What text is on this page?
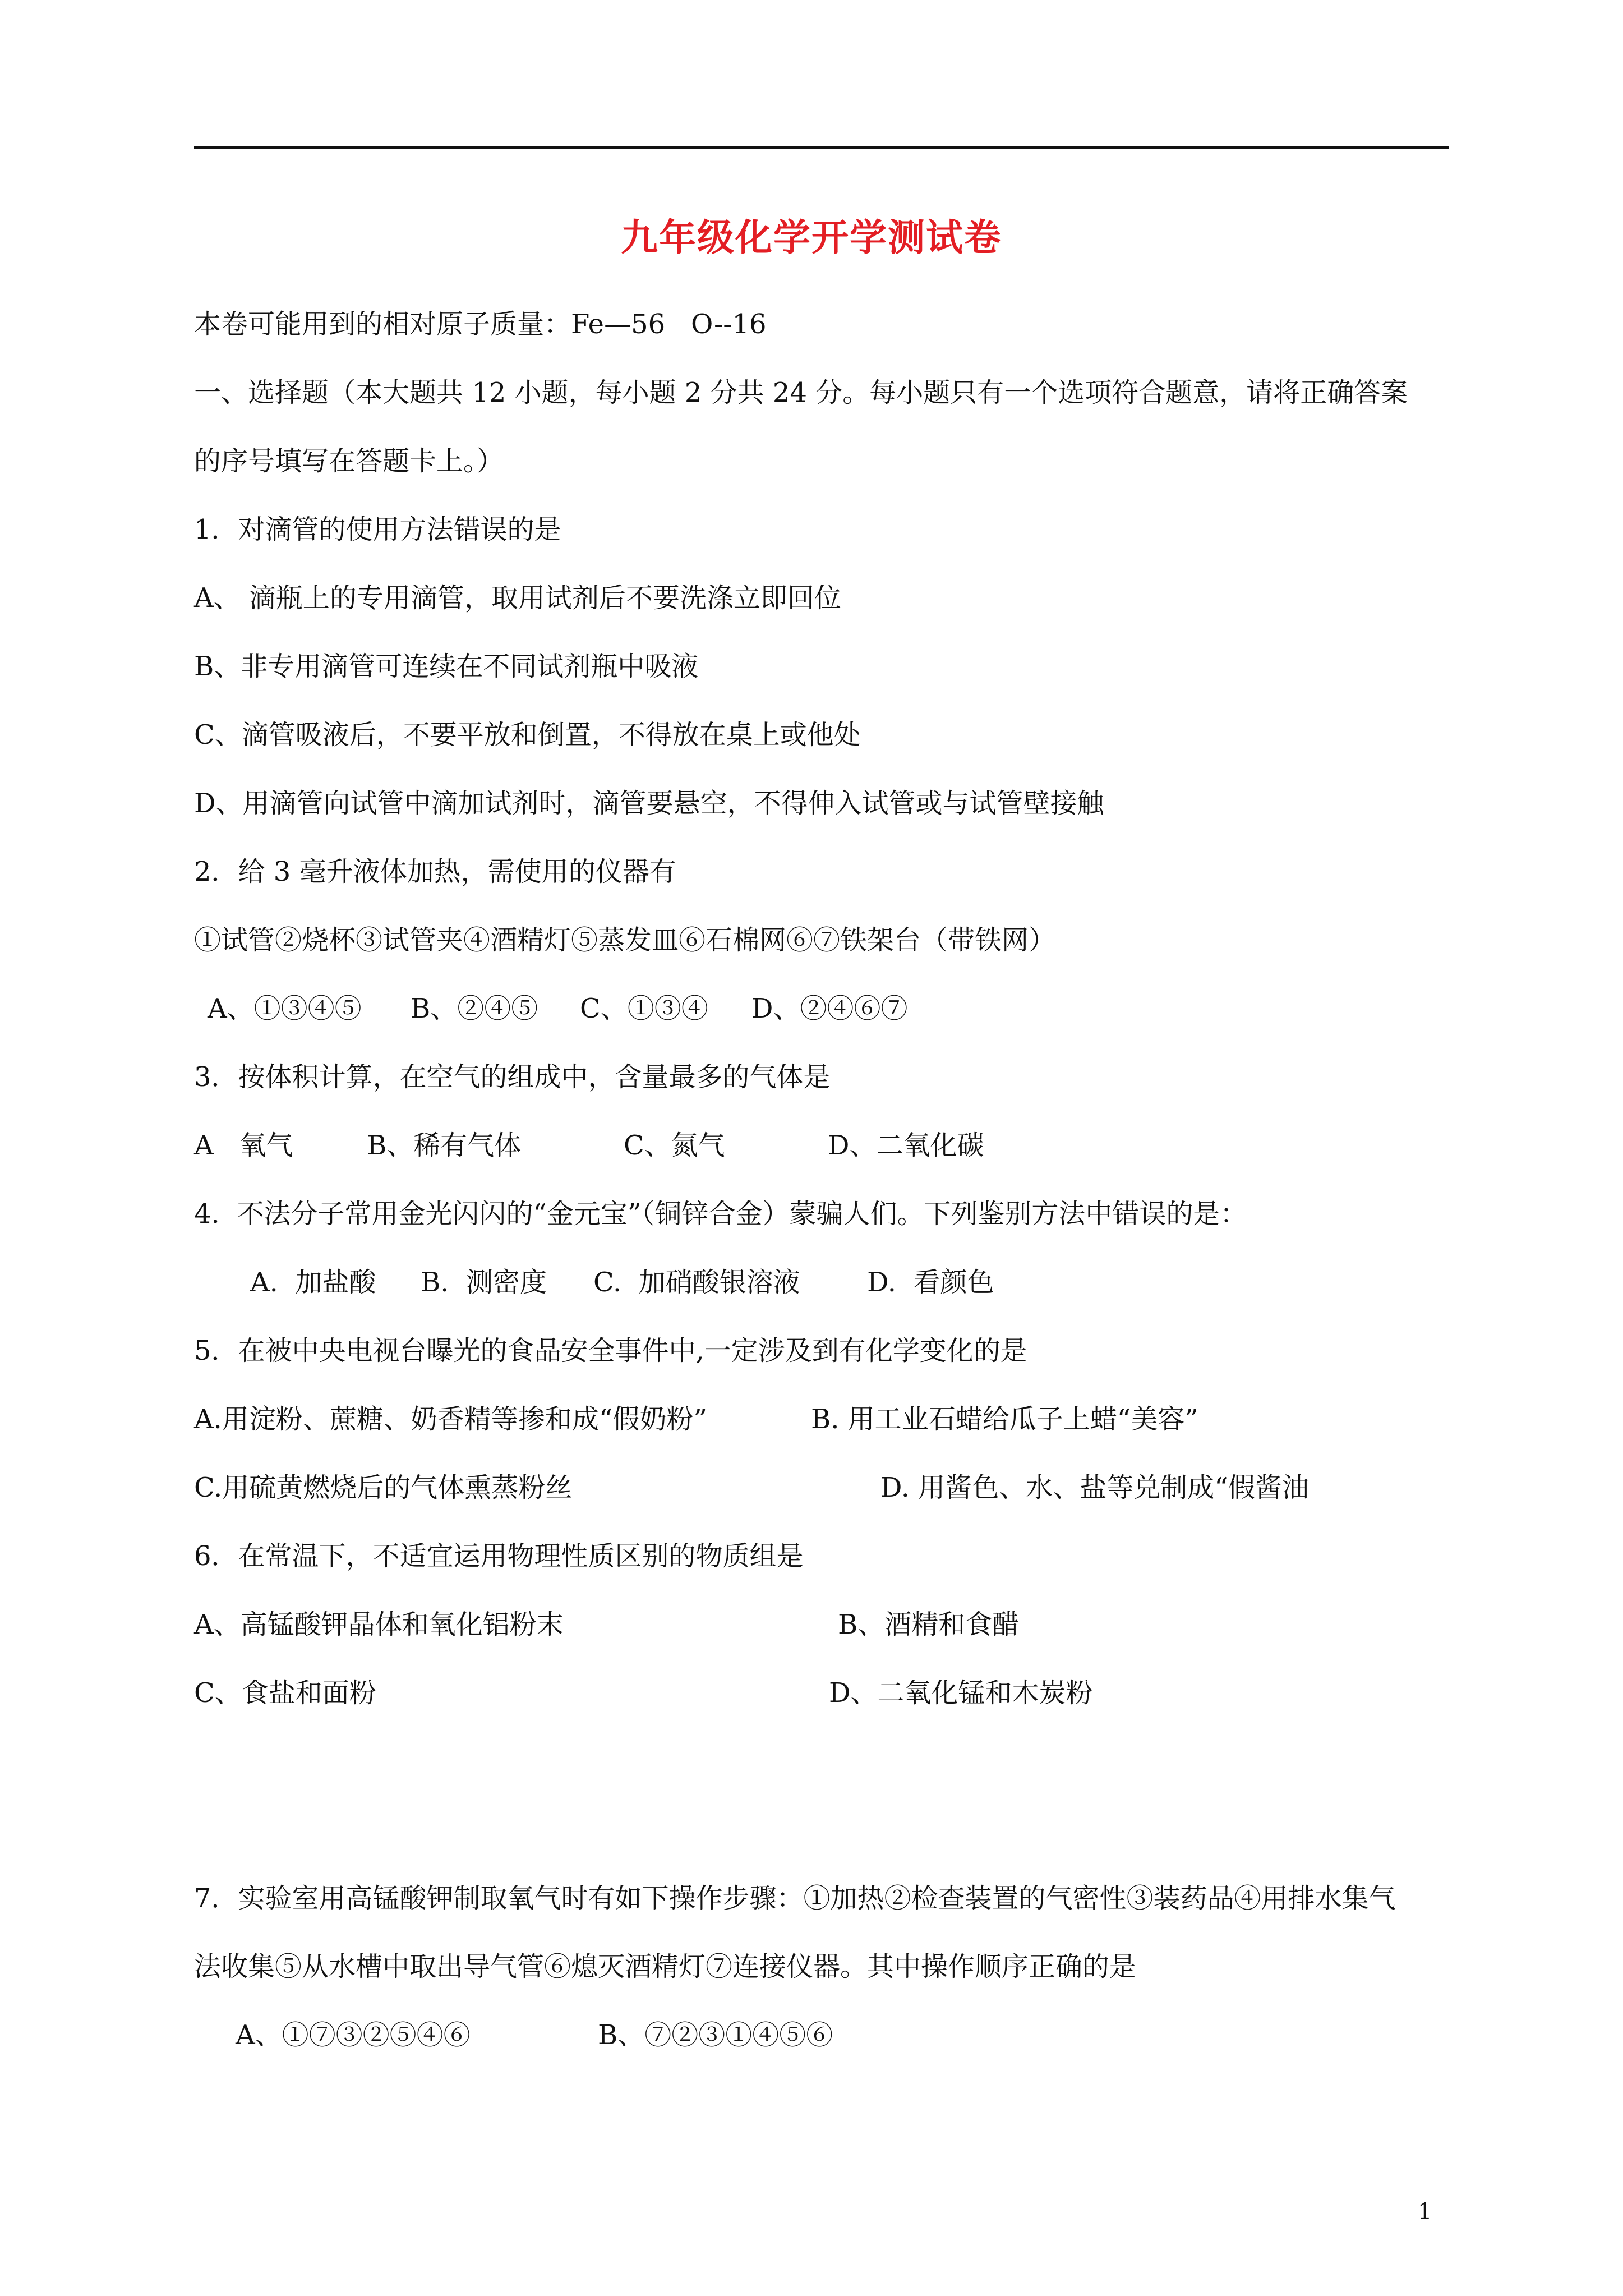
九年级化学开学测试卷
本卷可能用到的相对原子质量：Fe—56   O--16
一、选择题（本大题共 12 小题，每小题 2 分共 24 分。每小题只有一个选项符合题意，请将正确答案
的序号填写在答题卡上。）
1．对滴管的使用方法错误的是
A、 滴瓶上的专用滴管，取用试剂后不要洗涤立即回位
B、非专用滴管可连续在不同试剂瓶中吸液
C、滴管吸液后，不要平放和倒置，不得放在桌上或他处
D、用滴管向试管中滴加试剂时，滴管要悬空，不得伸入试管或与试管壁接触
2．给 3 毫升液体加热，需使用的仪器有
①试管②烧杯③试管夹④酒精灯⑤蒸发皿⑥石棉网⑥⑦铁架台（带铁网）
A、①③④⑤ B、②④⑤ C、①③④ D、②④⑥⑦
3．按体积计算，在空气的组成中，含量最多的气体是
A   氧气	B、稀有气体	C、氮气	D、二氧化碳
4.  不法分子常用金光闪闪的“金元宝”（铜锌合金）蒙骗人们。下列鉴别方法中错误的是：
A.  加盐酸 B.  测密度 C.  加硝酸银溶液 D.  看颜色
5．在被中央电视台曝光的食品安全事件中,一定涉及到有化学变化的是
A.用淀粉、蔗糖、奶香精等掺和成“假奶粉”	B. 用工业石蜡给瓜子上蜡“美容”
C.用硫黄燃烧后的气体熏蒸粉丝	D. 用酱色、水、盐等兑制成“假酱油
6．在常温下，不适宜运用物理性质区别的物质组是
A、高锰酸钾晶体和氧化铝粉末	B、酒精和食醋
C、食盐和面粉	D、二氧化锰和木炭粉
7．实验室用高锰酸钾制取氧气时有如下操作步骤：①加热②检查装置的气密性③装药品④用排水集气
法收集⑤从水槽中取出导气管⑥熄灭酒精灯⑦连接仪器。其中操作顺序正确的是
A、①⑦③②⑤④⑥	B、⑦②③①④⑤⑥
1
